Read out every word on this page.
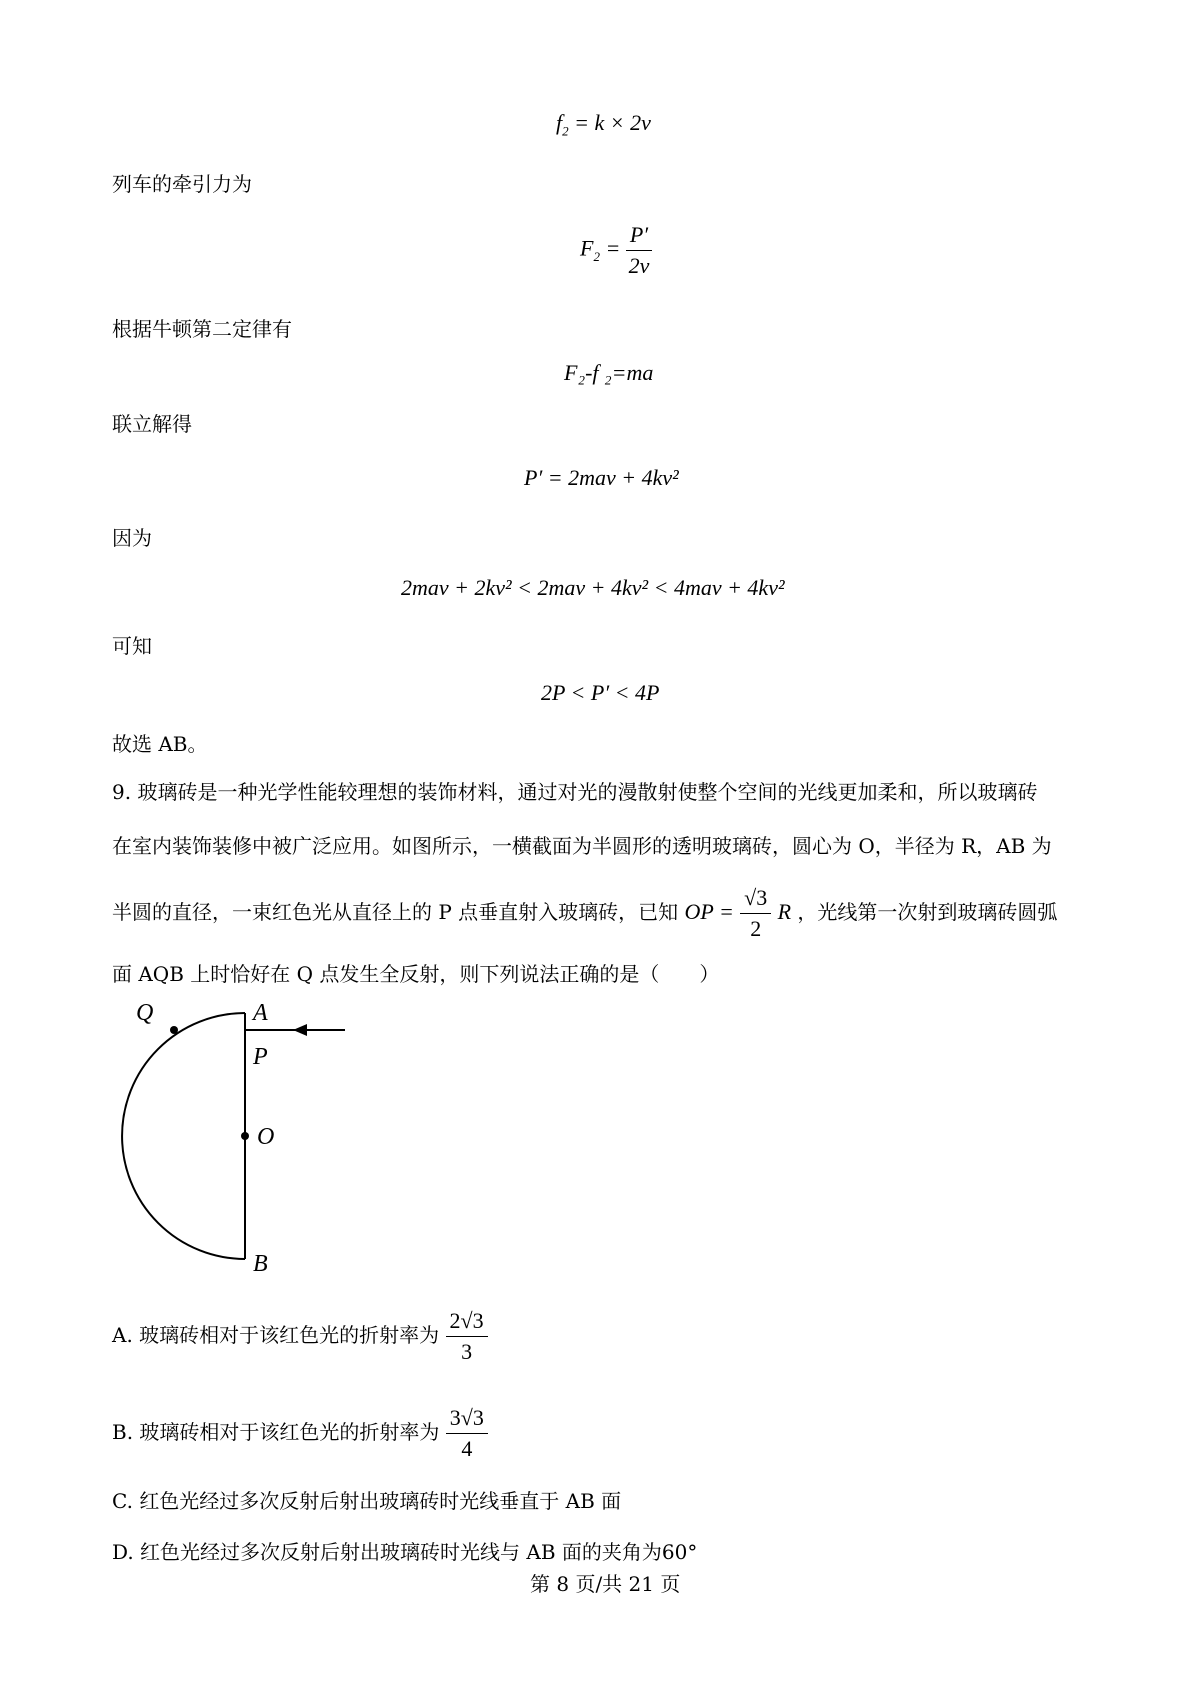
$f_2 = k \times 2v$
列车的牵引力为
$F_2 = \frac{P'}{2v}$
根据牛顿第二定律有
F₂-f ₂=ma
联立解得
P′ = 2mav + 4kv²
因为
2mav + 2kv² < 2mav + 4kv² < 4mav + 4kv²
可知
2P < P′ < 4P
故选 AB。
9. 玻璃砖是一种光学性能较理想的装饰材料，通过对光的漫散射使整个空间的光线更加柔和，所以玻璃砖
在室内装饰装修中被广泛应用。如图所示，一横截面为半圆形的透明玻璃砖，圆心为 O，半径为 R，AB 为
半圆的直径，一束红色光从直径上的 P 点垂直射入玻璃砖，已知 OP = $\frac{√3}{2}$ R ，光线第一次射到玻璃砖圆弧
面 AQB 上时恰好在 Q 点发生全反射，则下列说法正确的是（　　）
Q	A
P
O
B
A. 玻璃砖相对于该红色光的折射率为 $\frac{2√3}{3}$
B. 玻璃砖相对于该红色光的折射率为 $\frac{3√3}{4}$
C. 红色光经过多次反射后射出玻璃砖时光线垂直于 AB 面
D. 红色光经过多次反射后射出玻璃砖时光线与 AB 面的夹角为60°
第 8 页/共 21 页
